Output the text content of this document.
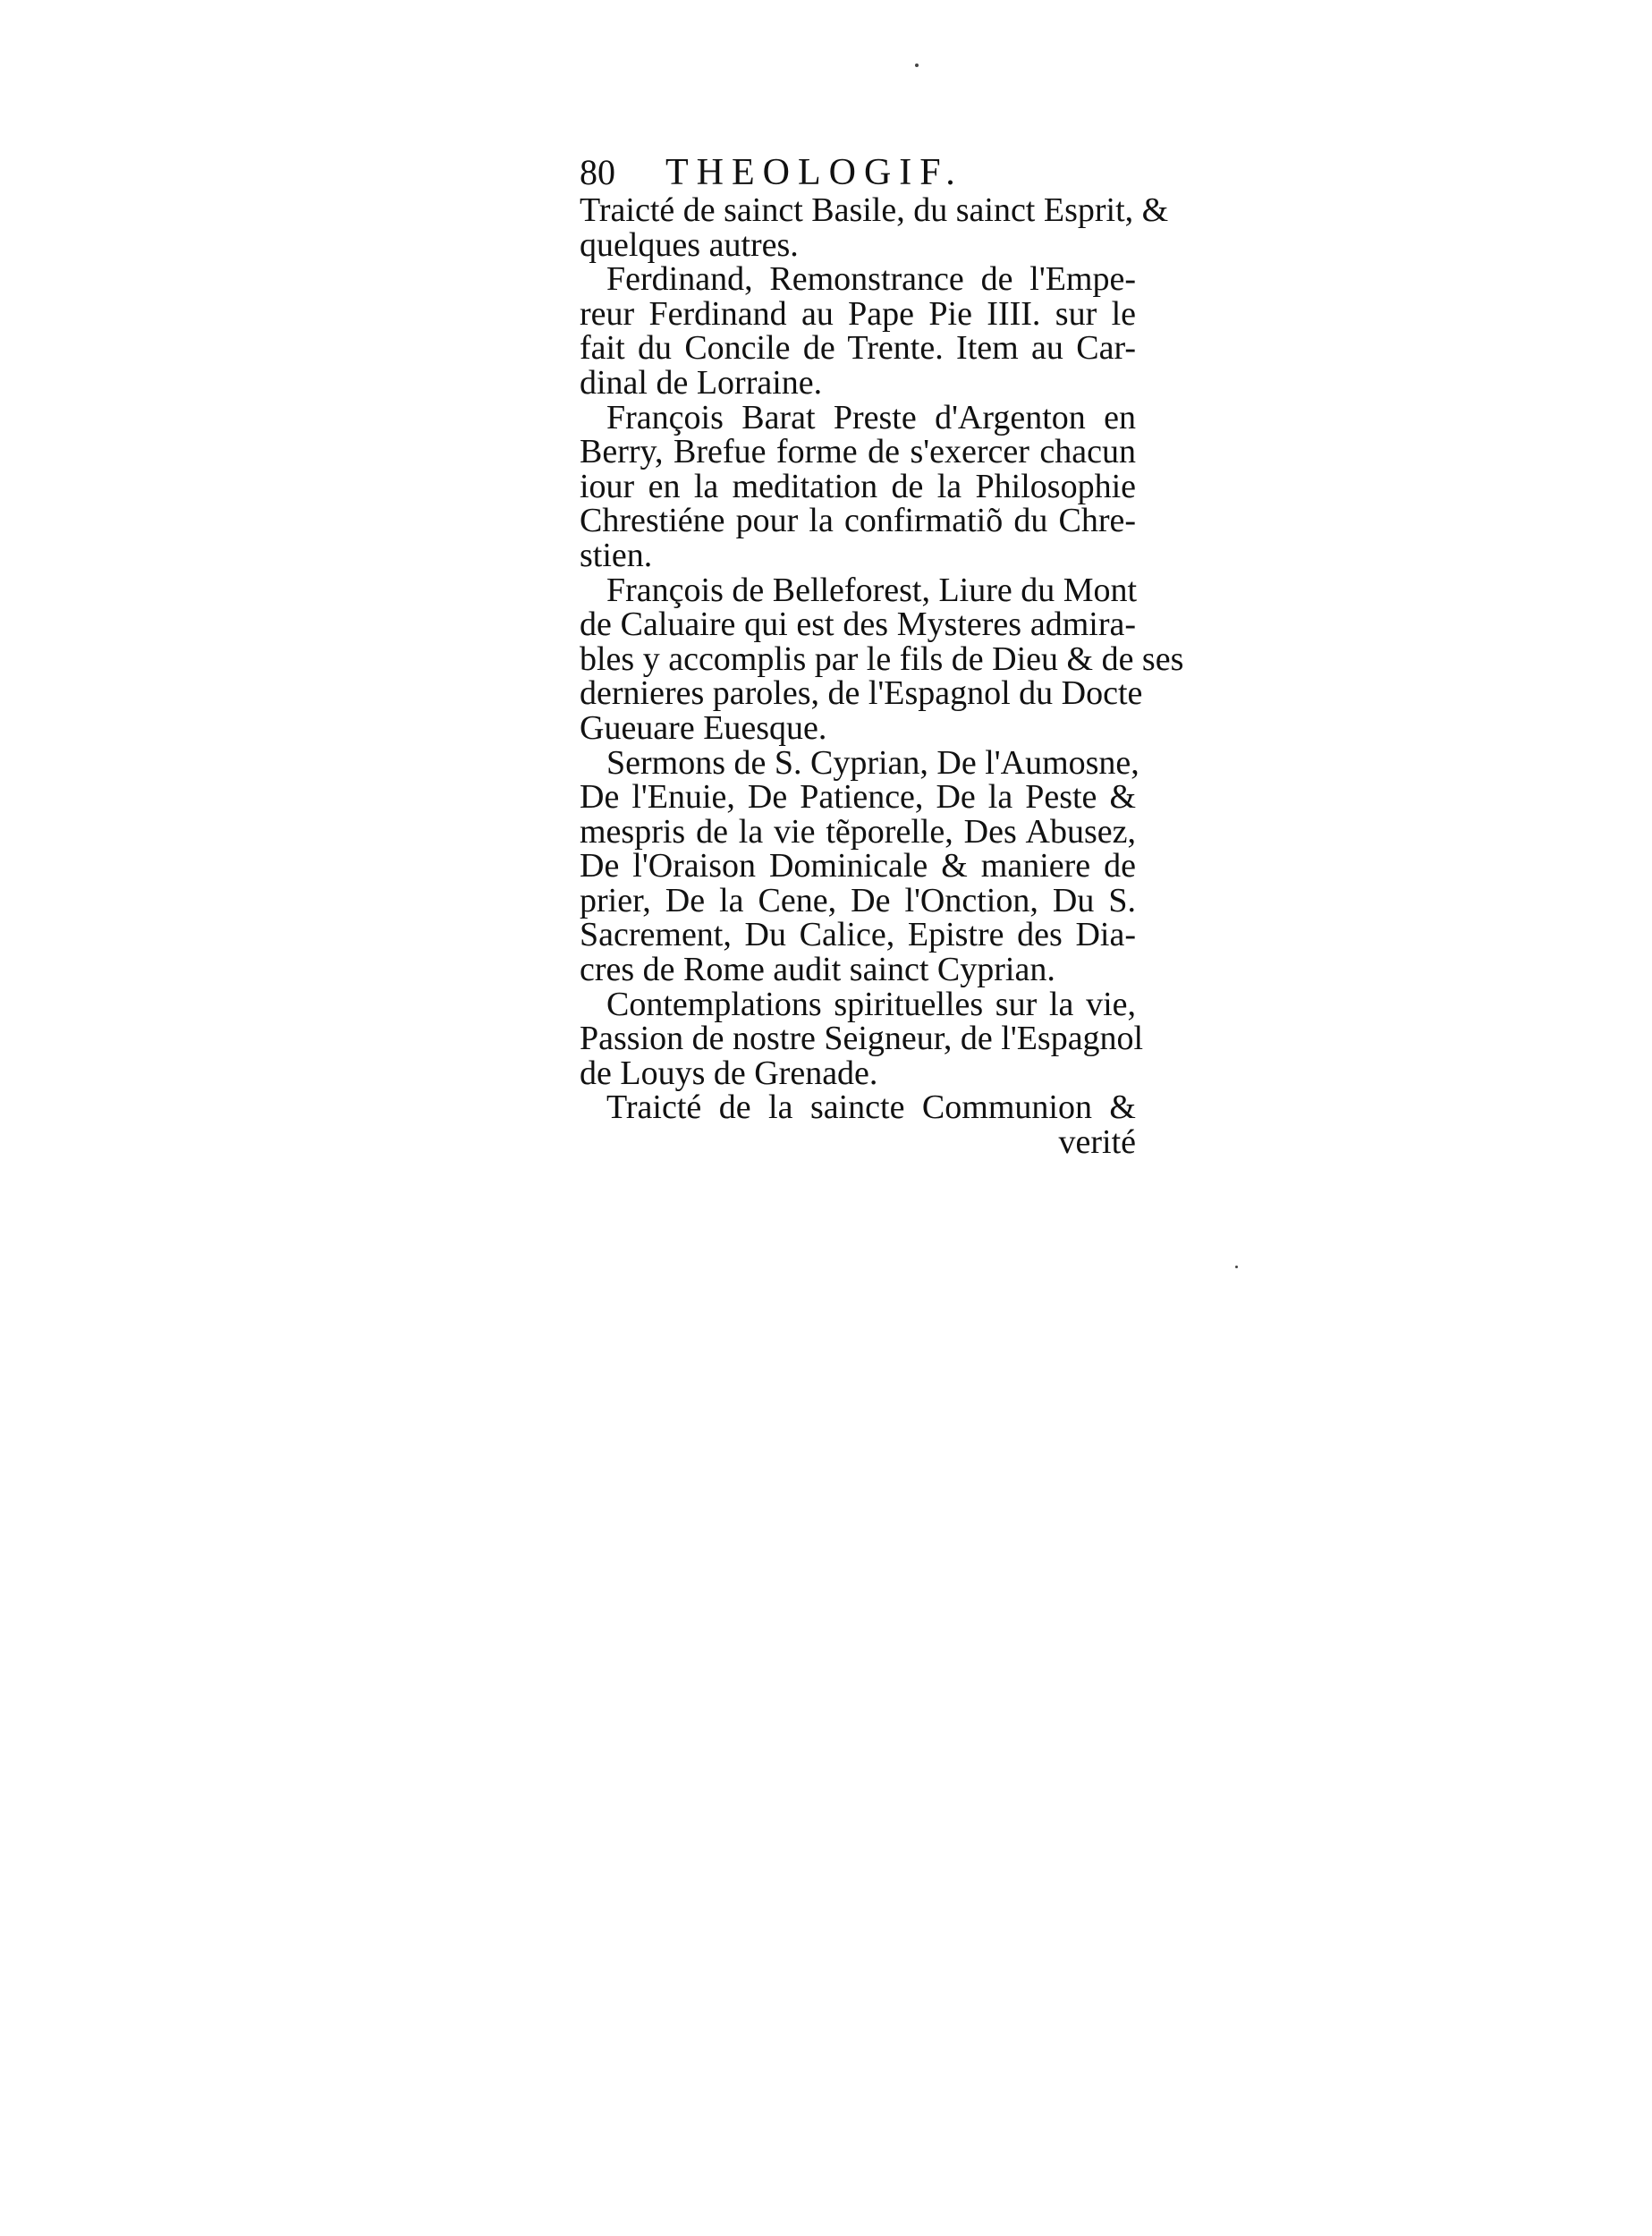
80	THEOLOGIF.
Traicté de sainct Basile, du sainct Esprit, &
quelques autres.
Ferdinand, Remonstrance de l'Empe-
reur Ferdinand au Pape Pie IIII. sur le
fait du Concile de Trente. Item au Car-
dinal de Lorraine.
François Barat Preste d'Argenton en
Berry, Brefue forme de s'exercer chacun
iour en la meditation de la Philosophie
Chrestiéne pour la confirmatiõ du Chre-
stien.
François de Belleforest, Liure du Mont
de Caluaire qui est des Mysteres admira-
bles y accomplis par le fils de Dieu & de ses
dernieres paroles, de l'Espagnol du Docte
Gueuare Euesque.
Sermons de S. Cyprian, De l'Aumosne,
De l'Enuie, De Patience, De la Peste &
mespris de la vie tẽporelle, Des Abusez,
De l'Oraison Dominicale & maniere de
prier, De la Cene, De l'Onction, Du S.
Sacrement, Du Calice, Epistre des Dia-
cres de Rome audit sainct Cyprian.
Contemplations spirituelles sur la vie,
Passion de nostre Seigneur, de l'Espagnol
de Louys de Grenade.
Traicté de la saincte Communion &
verité
